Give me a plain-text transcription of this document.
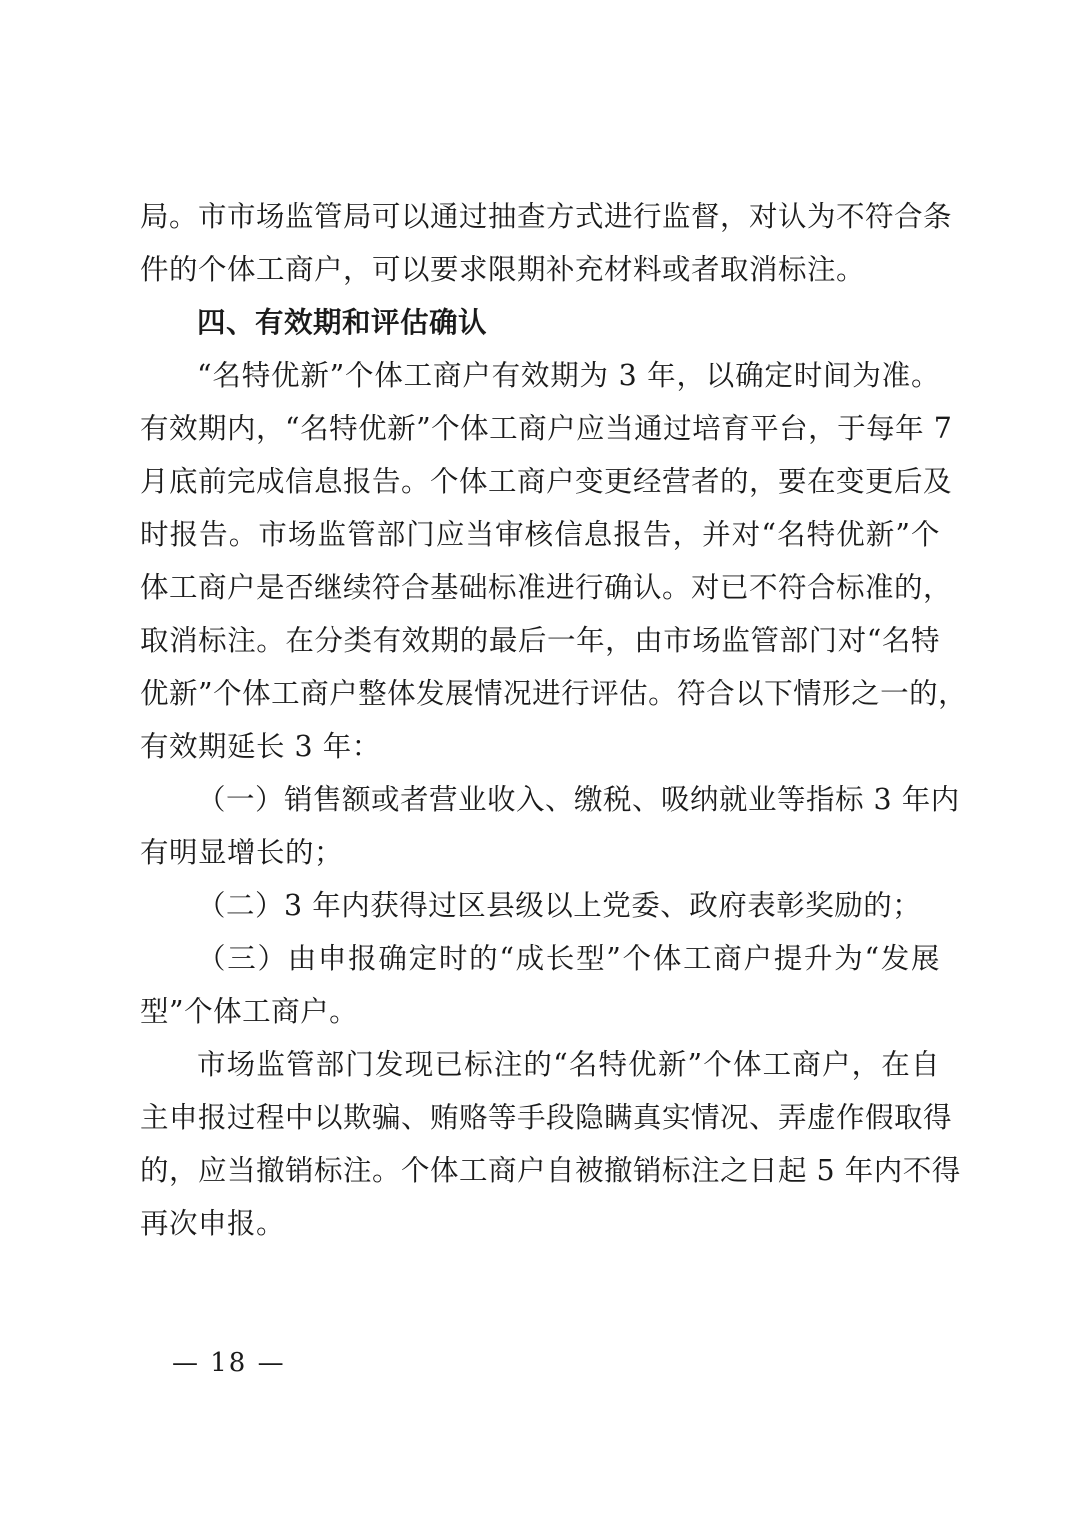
局。市市场监管局可以通过抽查方式进行监督，对认为不符合条
件的个体工商户，可以要求限期补充材料或者取消标注。
四、有效期和评估确认
“名特优新”个体工商户有效期为 3 年，以确定时间为准。
有效期内，“名特优新”个体工商户应当通过培育平台，于每年 7
月底前完成信息报告。个体工商户变更经营者的，要在变更后及
时报告。市场监管部门应当审核信息报告，并对“名特优新”个
体工商户是否继续符合基础标准进行确认。对已不符合标准的，
取消标注。在分类有效期的最后一年，由市场监管部门对“名特
优新”个体工商户整体发展情况进行评估。符合以下情形之一的，
有效期延长 3 年：
（一）销售额或者营业收入、缴税、吸纳就业等指标 3 年内
有明显增长的；
（二）3 年内获得过区县级以上党委、政府表彰奖励的；
（三）由申报确定时的“成长型”个体工商户提升为“发展
型”个体工商户。
市场监管部门发现已标注的“名特优新”个体工商户，在自
主申报过程中以欺骗、贿赂等手段隐瞒真实情况、弄虚作假取得
的，应当撤销标注。个体工商户自被撤销标注之日起 5 年内不得
再次申报。
— 18 —
